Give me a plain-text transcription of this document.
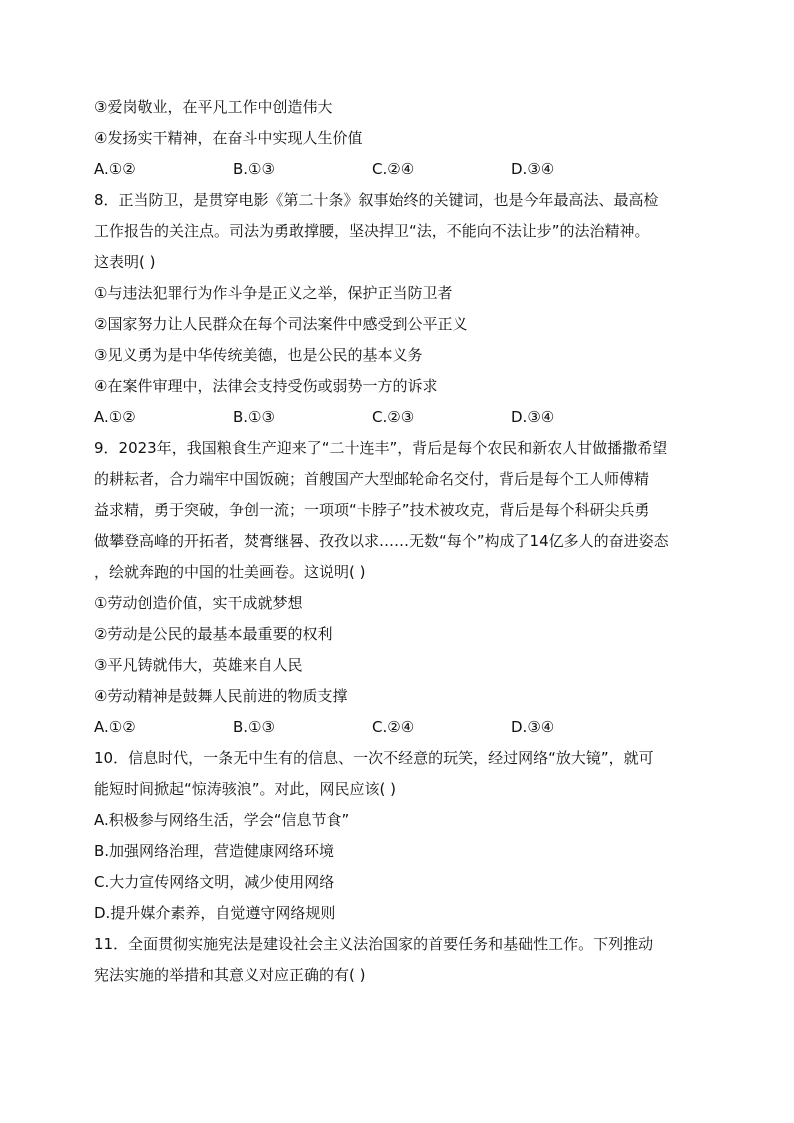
③爱岗敬业，在平凡工作中创造伟大
④发扬实干精神，在奋斗中实现人生价值
A.①②	B.①③	C.②④	D.③④
8．正当防卫，是贯穿电影《第二十条》叙事始终的关键词，也是今年最高法、最高检
工作报告的关注点。司法为勇敢撑腰，坚决捍卫“法，不能向不法让步”的法治精神。
这表明( )
①与违法犯罪行为作斗争是正义之举，保护正当防卫者
②国家努力让人民群众在每个司法案件中感受到公平正义
③见义勇为是中华传统美德，也是公民的基本义务
④在案件审理中，法律会支持受伤或弱势一方的诉求
A.①②	B.①③	C.②③	D.③④
9．2023年，我国粮食生产迎来了“二十连丰”，背后是每个农民和新农人甘做播撒希望
的耕耘者，合力端牢中国饭碗；首艘国产大型邮轮命名交付，背后是每个工人师傅精
益求精，勇于突破，争创一流；一项项“卡脖子”技术被攻克，背后是每个科研尖兵勇
做攀登高峰的开拓者，焚膏继晷、孜孜以求……无数“每个”构成了14亿多人的奋进姿态
，绘就奔跑的中国的壮美画卷。这说明( )
①劳动创造价值，实干成就梦想
②劳动是公民的最基本最重要的权利
③平凡铸就伟大，英雄来自人民
④劳动精神是鼓舞人民前进的物质支撑
A.①②	B.①③	C.②④	D.③④
10．信息时代，一条无中生有的信息、一次不经意的玩笑，经过网络“放大镜”，就可
能短时间掀起“惊涛骇浪”。对此，网民应该( )
A.积极参与网络生活，学会“信息节食”
B.加强网络治理，营造健康网络环境
C.大力宣传网络文明，减少使用网络
D.提升媒介素养，自觉遵守网络规则
11．全面贯彻实施宪法是建设社会主义法治国家的首要任务和基础性工作。下列推动
宪法实施的举措和其意义对应正确的有( )
